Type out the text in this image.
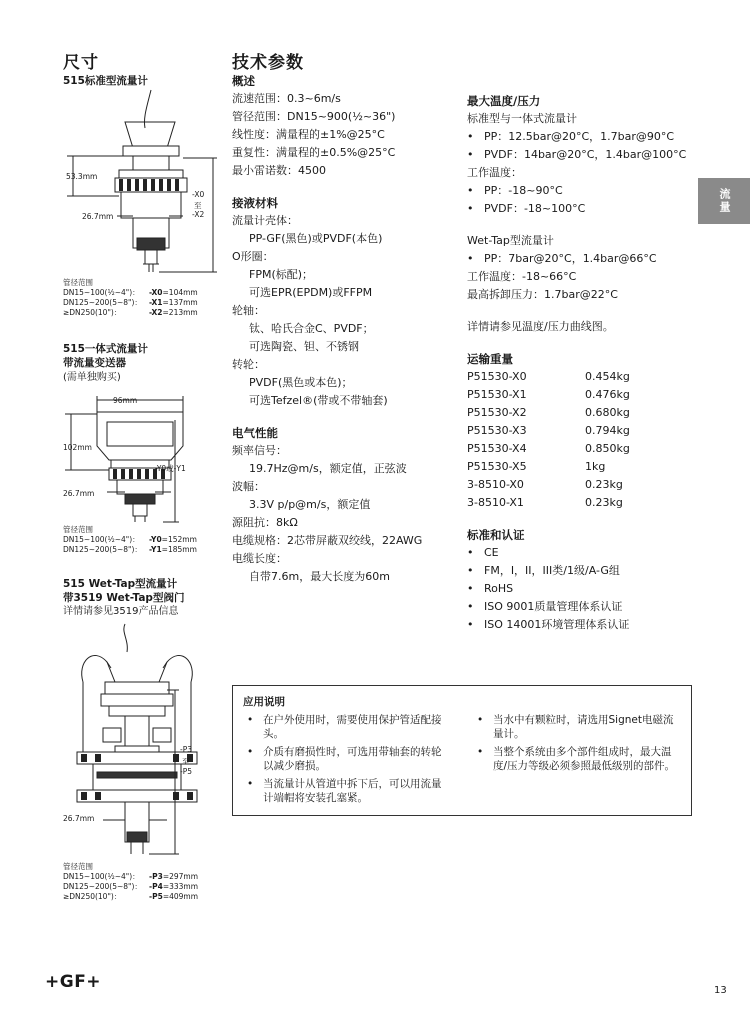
尺寸
515标准型流量计
53.3mm
26.7mm
-X0
至
-X2
管径范围
DN15~100(½~4")：	-X0 =104mm
DN125~200(5~8")： -X1 =137mm
≥DN250(10")：	-X2 =213mm
515一体式流量计
带流量变送器
(需单独购买)
96mm
102mm
26.7mm
-Y0或-Y1
管径范围
DN15~100(½~4")：	-Y0 =152mm
DN125~200(5~8")： -Y1 =185mm
515 Wet-Tap型流量计
带3519 Wet-Tap型阀门
详情请参见3519产品信息
-P3
至
-P5
26.7mm
管径范围
DN15~100(½~4")：	-P3 =297mm
DN125~200(5~8")： -P4 =333mm
≥DN250(10")：	-P5 =409mm
技术参数
概述
流速范围：0.3~6m/s
管径范围：DN15~900(½~36")
线性度：满量程的±1%@25°C
重复性：满量程的±0.5%@25°C
最小雷诺数：4500
接液材料
流量计壳体：
PP-GF(黑色)或PVDF(本色)
O形圈：
FPM(标配)；
可选EPR(EPDM)或FFPM
轮轴：
钛、哈氏合金C、PVDF；
可选陶瓷、钽、不锈钢
转轮：
PVDF(黑色或本色)；
可选Tefzel®(带或不带轴套)
电气性能
频率信号：
19.7Hz@m/s，额定值，正弦波
波幅：
3.3V p/p@m/s，额定值
源阻抗：8kΩ
电缆规格：2芯带屏蔽双绞线，22AWG
电缆长度：
自带7.6m，最大长度为60m
最大温度/压力
标准型与一体式流量计
• PP：12.5bar@20°C，1.7bar@90°C
• PVDF：14bar@20°C，1.4bar@100°C
工作温度：
• PP：-18~90°C
• PVDF：-18~100°C
Wet-Tap型流量计
• PP：7bar@20°C，1.4bar@66°C
工作温度：-18~66°C
最高拆卸压力：1.7bar@22°C
详情请参见温度/压力曲线图。
运输重量
P51530-X0	0.454kg
P51530-X1	0.476kg
P51530-X2	0.680kg
P51530-X3	0.794kg
P51530-X4	0.850kg
P51530-X5	1kg
3-8510-X0	0.23kg
3-8510-X1	0.23kg
标准和认证
• CE
• FM，I，II，III类/1级/A-G组
• RoHS
• ISO 9001质量管理体系认证
• ISO 14001环境管理体系认证
流量
应用说明
• 在户外使用时，需要使用保护管适配接头。
• 介质有磨损性时，可选用带轴套的转轮以减少磨损。
• 当流量计从管道中拆下后，可以用流量计端帽将安装孔塞紧。
• 当水中有颗粒时，请选用Signet电磁流量计。
• 当整个系统由多个部件组成时，最大温度/压力等级必须参照最低级别的部件。
+GF+	13
